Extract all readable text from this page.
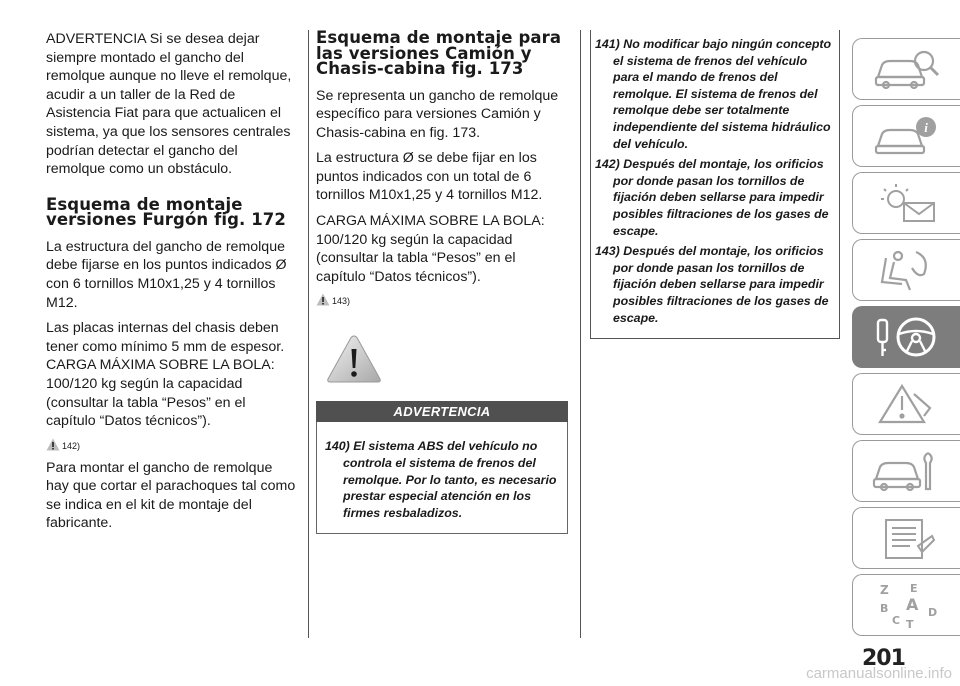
ADVERTENCIA Si se desea dejar siempre montado el gancho del remolque aunque no lleve el remolque, acudir a un taller de la Red de Asistencia Fiat para que actualicen el sistema, ya que los sensores centrales podrían detectar el gancho del remolque como un obstáculo.

Esquema de montaje versiones Furgón fig. 172

La estructura del gancho de remolque debe fijarse en los puntos indicados Ø con 6 tornillos M10x1,25 y 4 tornillos M12.

Las placas internas del chasis deben tener como mínimo 5 mm de espesor. CARGA MÁXIMA SOBRE LA BOLA: 100/120 kg según la capacidad (consultar la tabla “Pesos” en el capítulo “Datos técnicos”).

142)

Para montar el gancho de remolque hay que cortar el parachoques tal como se indica en el kit de montaje del fabricante.

Esquema de montaje para las versiones Camión y Chasis-cabina fig. 173

Se representa un gancho de remolque específico para versiones Camión y Chasis-cabina en fig. 173.

La estructura Ø se debe fijar en los puntos indicados con un total de 6 tornillos M10x1,25 y 4 tornillos M12.

CARGA MÁXIMA SOBRE LA BOLA: 100/120 kg según la capacidad (consultar la tabla “Pesos” en el capítulo “Datos técnicos”).

143)
ADVERTENCIA

140) El sistema ABS del vehículo no controla el sistema de frenos del remolque. Por lo tanto, es necesario prestar especial atención en los firmes resbaladizos.

141) No modificar bajo ningún concepto el sistema de frenos del vehículo para el mando de frenos del remolque. El sistema de frenos del remolque debe ser totalmente independiente del sistema hidráulico del vehículo.

142) Después del montaje, los orificios por donde pasan los tornillos de fijación deben sellarse para impedir posibles filtraciones de los gases de escape.

143) Después del montaje, los orificios por donde pasan los tornillos de fijación deben sellarse para impedir posibles filtraciones de los gases de escape.

i
Z E
B A D
C T
201
carmanualsonline.info
